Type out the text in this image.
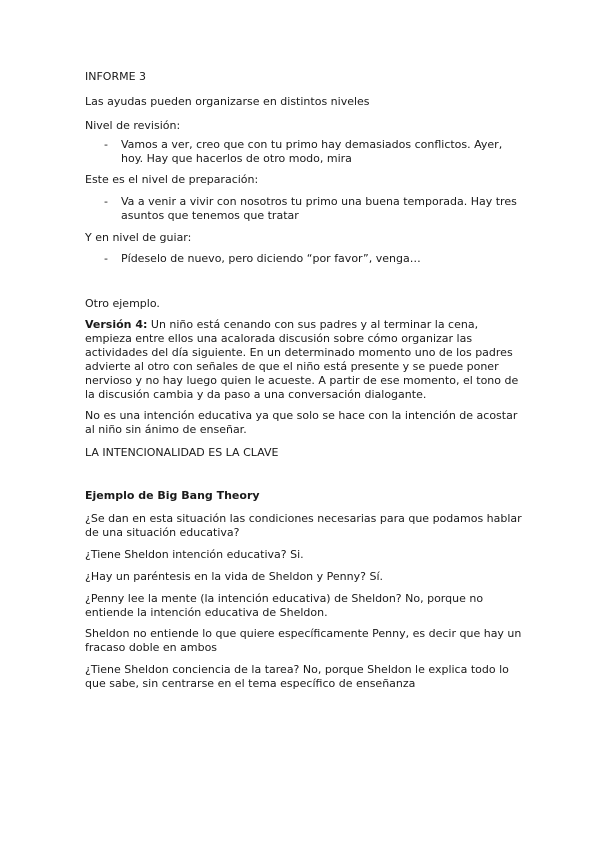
INFORME 3

Las ayudas pueden organizarse en distintos niveles

Nivel de revisión:

- Vamos a ver, creo que con tu primo hay demasiados conflictos. Ayer, hoy. Hay que hacerlos de otro modo, mira

Este es el nivel de preparación:

- Va a venir a vivir con nosotros tu primo una buena temporada. Hay tres asuntos que tenemos que tratar

Y en nivel de guiar:

- Pídeselo de nuevo, pero diciendo “por favor”, venga…

Otro ejemplo.

Versión 4: Un niño está cenando con sus padres y al terminar la cena, empieza entre ellos una acalorada discusión sobre cómo organizar las actividades del día siguiente. En un determinado momento uno de los padres advierte al otro con señales de que el niño está presente y se puede poner nervioso y no hay luego quien le acueste. A partir de ese momento, el tono de la discusión cambia y da paso a una conversación dialogante.

No es una intención educativa ya que solo se hace con la intención de acostar al niño sin ánimo de enseñar.

LA INTENCIONALIDAD ES LA CLAVE

Ejemplo de Big Bang Theory

¿Se dan en esta situación las condiciones necesarias para que podamos hablar de una situación educativa?

¿Tiene Sheldon intención educativa? Si.

¿Hay un paréntesis en la vida de Sheldon y Penny? Sí.

¿Penny lee la mente (la intención educativa) de Sheldon? No, porque no entiende la intención educativa de Sheldon.

Sheldon no entiende lo que quiere específicamente Penny, es decir que hay un fracaso doble en ambos

¿Tiene Sheldon conciencia de la tarea? No, porque Sheldon le explica todo lo que sabe, sin centrarse en el tema específico de enseñanza
